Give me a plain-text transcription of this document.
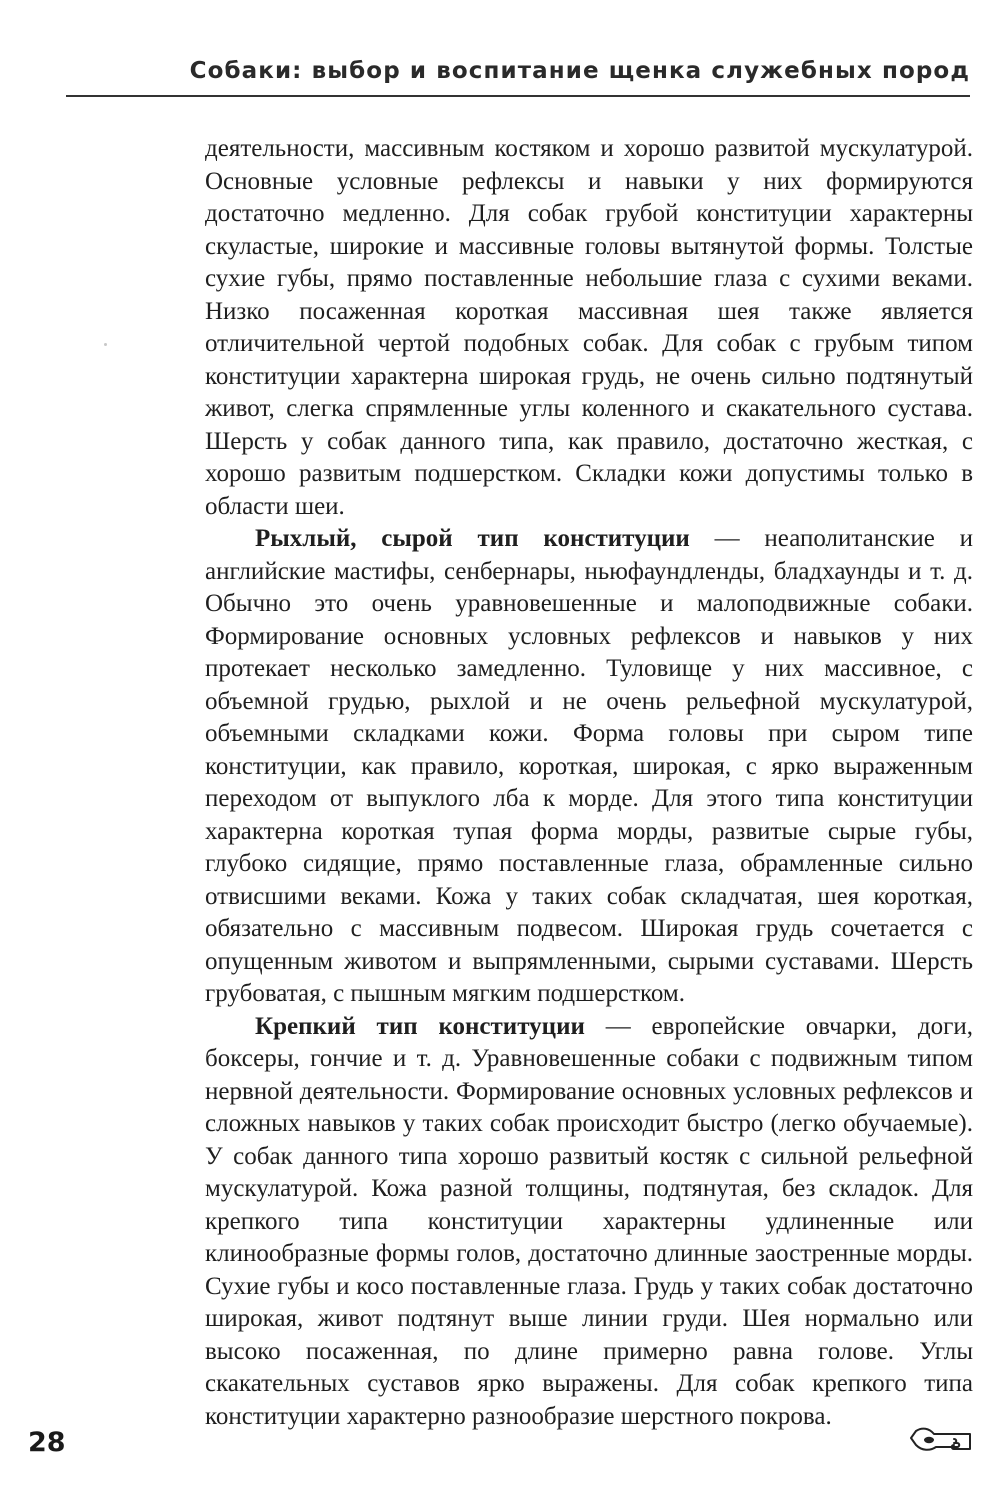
Собаки: выбор и воспитание щенка служебных пород

деятельности, массивным костяком и хорошо развитой мускулатурой. Основные условные рефлексы и навыки у них формируются достаточно медленно. Для собак грубой конституции характерны скуластые, широкие и массивные головы вытянутой формы. Толстые сухие губы, прямо поставленные небольшие глаза с сухими веками. Низко посаженная короткая массивная шея также является отличительной чертой подобных собак. Для собак с грубым типом конституции характерна широкая грудь, не очень сильно подтянутый живот, слегка спрямленные углы коленного и скакательного сустава. Шерсть у собак данного типа, как правило, достаточно жесткая, с хорошо развитым подшерстком. Складки кожи допустимы только в области шеи.

Рыхлый, сырой тип конституции — неаполитанские и английские мастифы, сенбернары, ньюфаундленды, бладхаунды и т. д. Обычно это очень уравновешенные и малоподвижные собаки. Формирование основных условных рефлексов и навыков у них протекает несколько замедленно. Туловище у них массивное, с объемной грудью, рыхлой и не очень рельефной мускулатурой, объемными складками кожи. Форма головы при сыром типе конституции, как правило, короткая, широкая, с ярко выраженным переходом от выпуклого лба к морде. Для этого типа конституции характерна короткая тупая форма морды, развитые сырые губы, глубоко сидящие, прямо поставленные глаза, обрамленные сильно отвисшими веками. Кожа у таких собак складчатая, шея короткая, обязательно с массивным подвесом. Широкая грудь сочетается с опущенным животом и выпрямленными, сырыми суставами. Шерсть грубоватая, с пышным мягким подшерстком.

Крепкий тип конституции — европейские овчарки, доги, боксеры, гончие и т. д. Уравновешенные собаки с подвижным типом нервной деятельности. Формирование основных условных рефлексов и сложных навыков у таких собак происходит быстро (легко обучаемые). У собак данного типа хорошо развитый костяк с сильной рельефной мускулатурой. Кожа разной толщины, подтянутая, без складок. Для крепкого типа конституции характерны удлиненные или клинообразные формы голов, достаточно длинные заостренные морды. Сухие губы и косо поставленные глаза. Грудь у таких собак достаточно широкая, живот подтянут выше линии груди. Шея нормально или высоко посаженная, по длине примерно равна голове. Углы скакательных суставов ярко выражены. Для собак крепкого типа конституции характерно разнообразие шерстного покрова.

28
